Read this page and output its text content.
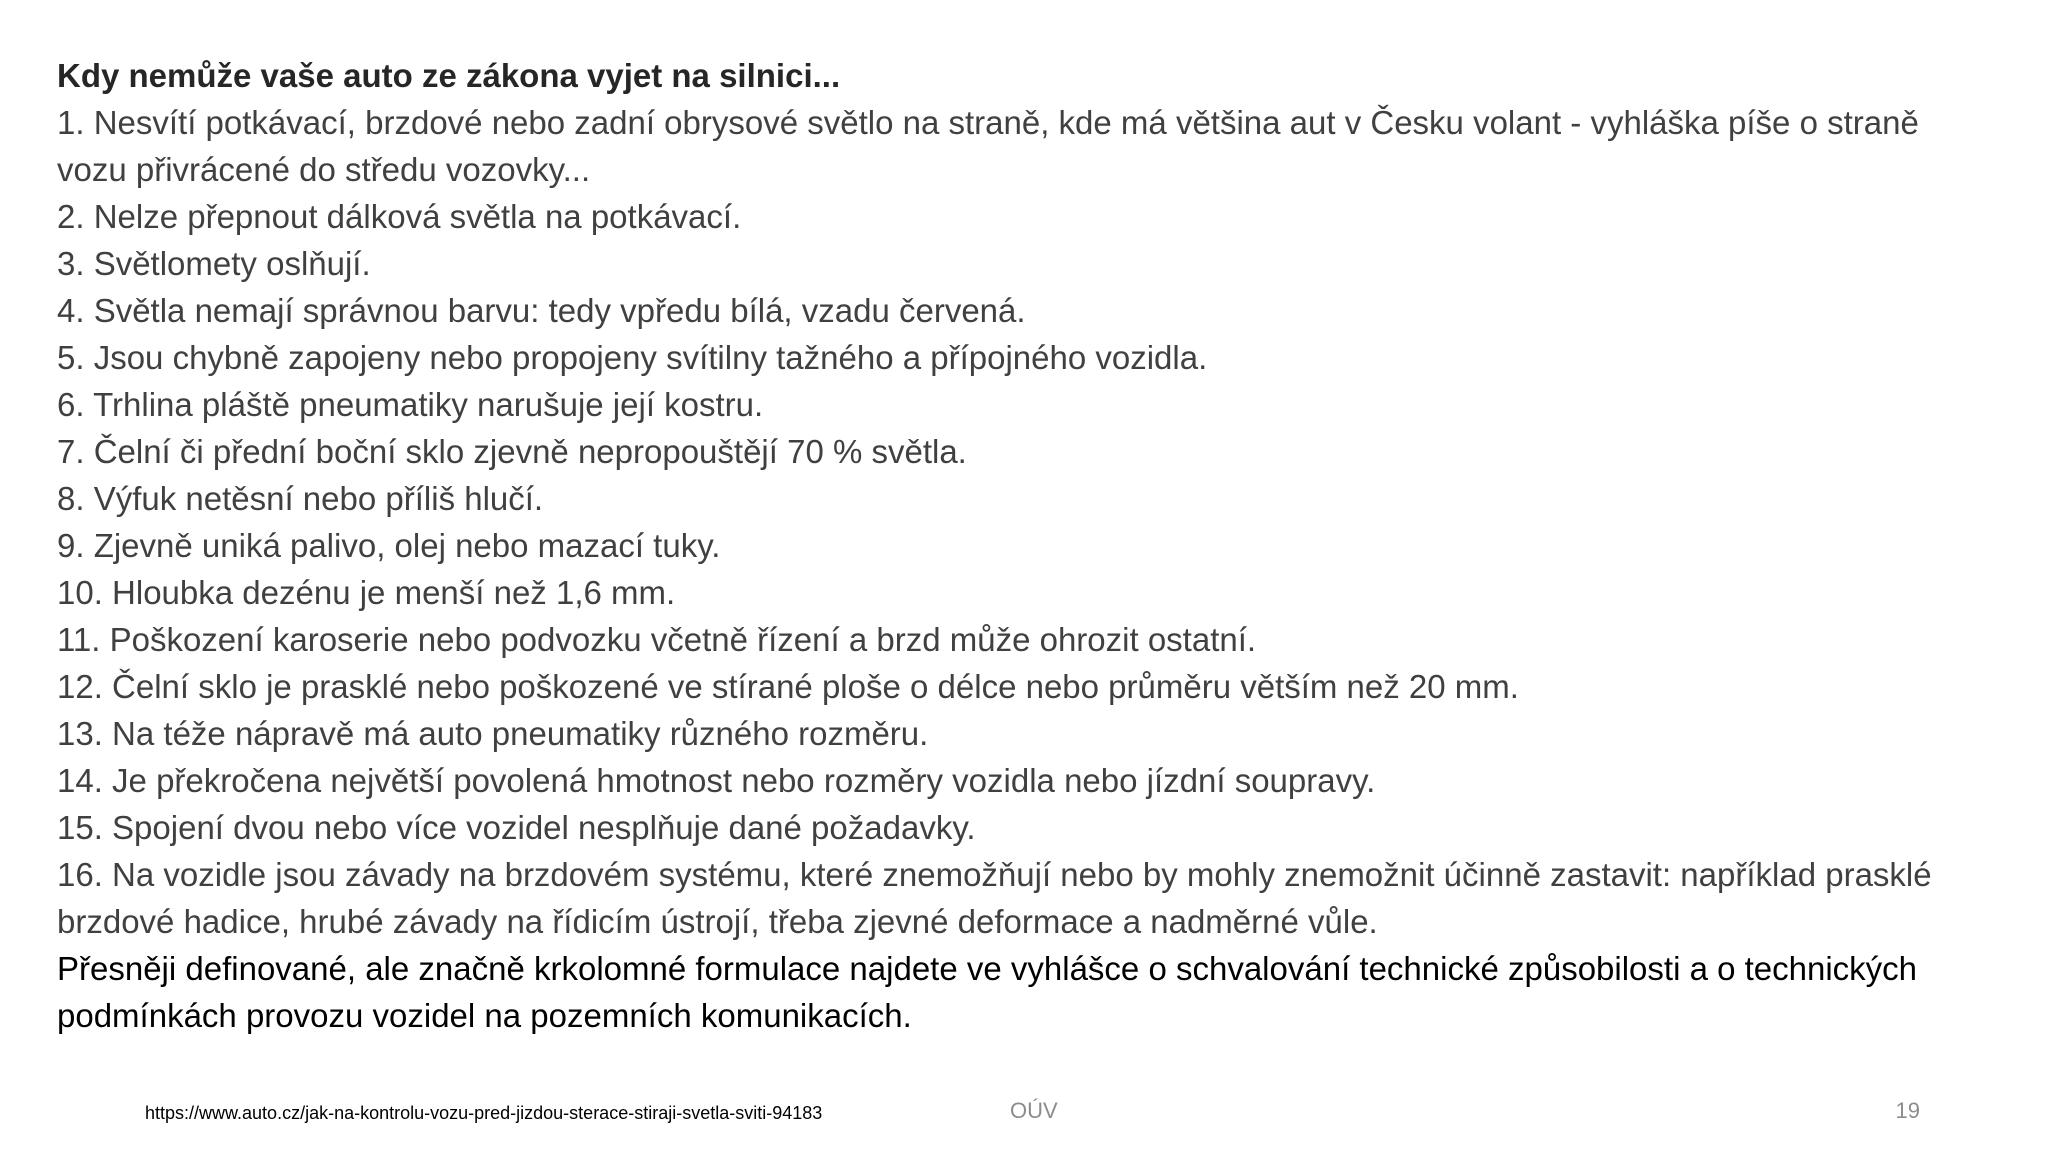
Kdy nemůže vaše auto ze zákona vyjet na silnici...

1. Nesvítí potkávací, brzdové nebo zadní obrysové světlo na straně, kde má většina aut v Česku volant - vyhláška píše o straně vozu přivrácené do středu vozovky...

2. Nelze přepnout dálková světla na potkávací.

3. Světlomety oslňují.

4. Světla nemají správnou barvu: tedy vpředu bílá, vzadu červená.

5. Jsou chybně zapojeny nebo propojeny svítilny tažného a přípojného vozidla.

6. Trhlina pláště pneumatiky narušuje její kostru.

7. Čelní či přední boční sklo zjevně nepropouštějí 70 % světla.

8. Výfuk netěsní nebo příliš hlučí.

9. Zjevně uniká palivo, olej nebo mazací tuky.

10. Hloubka dezénu je menší než 1,6 mm.

11. Poškození karoserie nebo podvozku včetně řízení a brzd může ohrozit ostatní.

12. Čelní sklo je prasklé nebo poškozené ve stírané ploše o délce nebo průměru větším než 20 mm.

13. Na téže nápravě má auto pneumatiky různého rozměru.

14. Je překročena největší povolená hmotnost nebo rozměry vozidla nebo jízdní soupravy.

15. Spojení dvou nebo více vozidel nesplňuje dané požadavky.

16. Na vozidle jsou závady na brzdovém systému, které znemožňují nebo by mohly znemožnit účinně zastavit: například prasklé brzdové hadice, hrubé závady na řídicím ústrojí, třeba zjevné deformace a nadměrné vůle.

Přesněji definované, ale značně krkolomné formulace najdete ve vyhlášce o schvalování technické způsobilosti a o technických podmínkách provozu vozidel na pozemních komunikacích.

https://www.auto.cz/jak-na-kontrolu-vozu-pred-jizdou-sterace-stiraji-svetla-sviti-94183	OÚV	19
